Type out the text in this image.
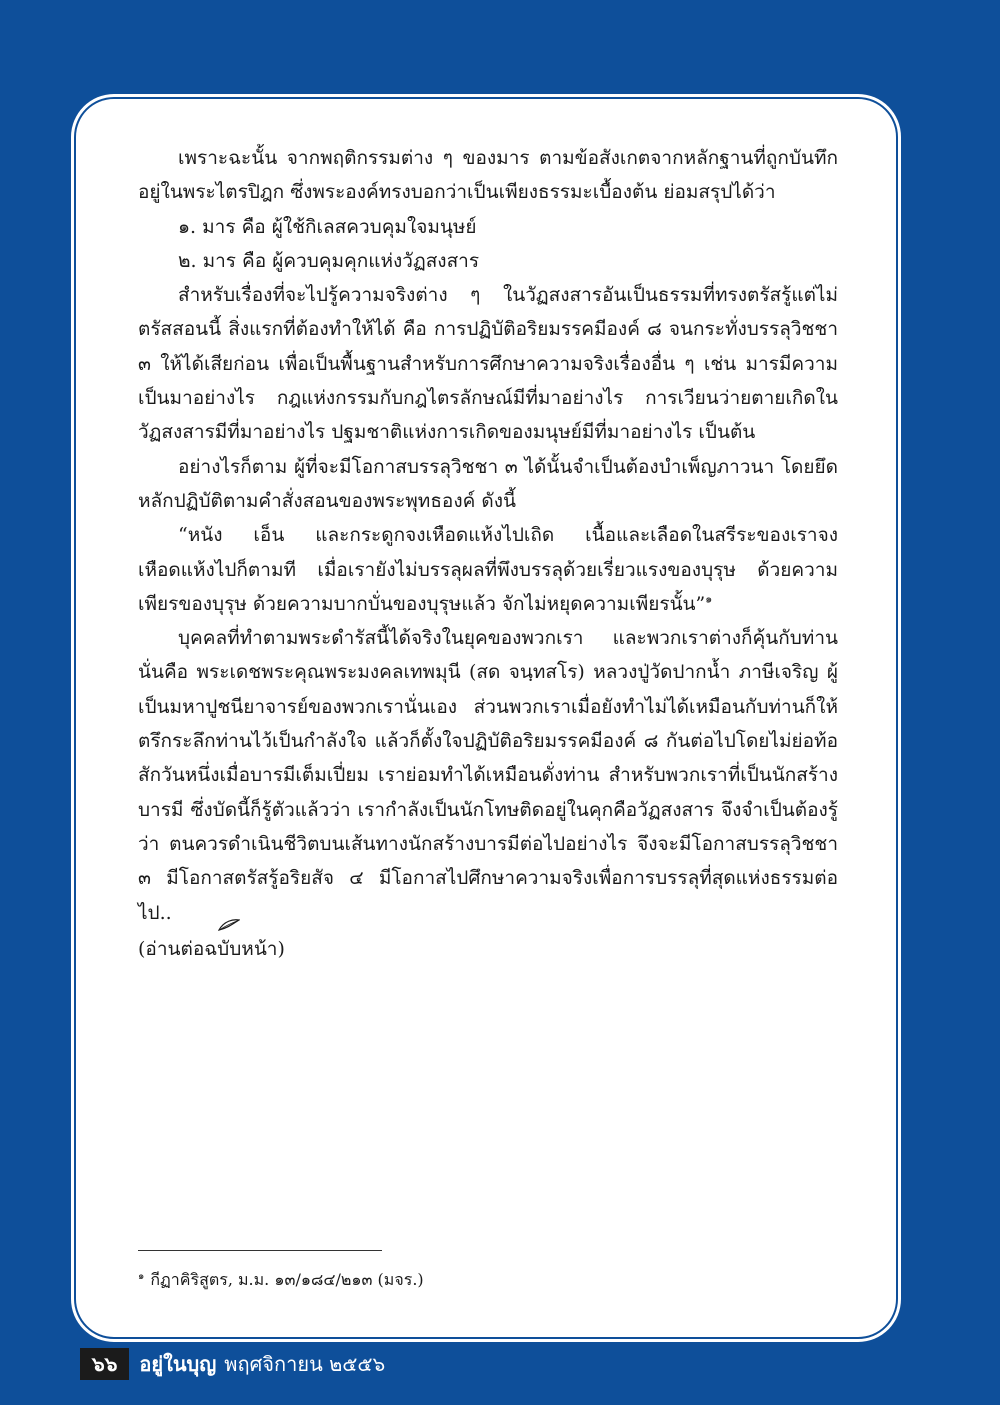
เพราะฉะนั้น จากพฤติกรรมต่าง ๆ ของมาร ตามข้อสังเกตจากหลักฐานที่ถูกบันทึกอยู่ในพระไตรปิฎก ซึ่งพระองค์ทรงบอกว่าเป็นเพียงธรรมะเบื้องต้น ย่อมสรุปได้ว่า

๑. มาร คือ ผู้ใช้กิเลสควบคุมใจมนุษย์

๒. มาร คือ ผู้ควบคุมคุกแห่งวัฏสงสาร

สำหรับเรื่องที่จะไปรู้ความจริงต่าง ๆ ในวัฏสงสารอันเป็นธรรมที่ทรงตรัสรู้แต่ไม่ตรัสสอนนี้ สิ่งแรกที่ต้องทำให้ได้ คือ การปฏิบัติอริยมรรคมีองค์ ๘ จนกระทั่งบรรลุวิชชา ๓ ให้ได้เสียก่อน เพื่อเป็นพื้นฐานสำหรับการศึกษาความจริงเรื่องอื่น ๆ เช่น มารมีความเป็นมาอย่างไร กฎแห่งกรรมกับกฎไตรลักษณ์มีที่มาอย่างไร การเวียนว่ายตายเกิดในวัฏสงสารมีที่มาอย่างไร ปฐมชาติแห่งการเกิดของมนุษย์มีที่มาอย่างไร เป็นต้น

อย่างไรก็ตาม ผู้ที่จะมีโอกาสบรรลุวิชชา ๓ ได้นั้นจำเป็นต้องบำเพ็ญภาวนา โดยยึดหลักปฏิบัติตามคำสั่งสอนของพระพุทธองค์ ดังนี้

“หนัง เอ็น และกระดูกจงเหือดแห้งไปเถิด เนื้อและเลือดในสรีระของเราจงเหือดแห้งไปก็ตามที เมื่อเรายังไม่บรรลุผลที่พึงบรรลุด้วยเรี่ยวแรงของบุรุษ ด้วยความเพียรของบุรุษ ด้วยความบากบั่นของบุรุษแล้ว จักไม่หยุดความเพียรนั้น”$^๑$

บุคคลที่ทำตามพระดำรัสนี้ได้จริงในยุคของพวกเรา และพวกเราต่างก็คุ้นกับท่านนั่นคือ พระเดชพระคุณพระมงคลเทพมุนี (สด จนฺทสโร) หลวงปู่วัดปากน้ำ ภาษีเจริญ ผู้เป็นมหาปูชนียาจารย์ของพวกเรานั่นเอง ส่วนพวกเราเมื่อยังทำไม่ได้เหมือนกับท่านก็ให้ตรึกระลึกท่านไว้เป็นกำลังใจ แล้วก็ตั้งใจปฏิบัติอริยมรรคมีองค์ ๘ กันต่อไปโดยไม่ย่อท้อ สักวันหนึ่งเมื่อบารมีเต็มเปี่ยม เราย่อมทำได้เหมือนดั่งท่าน สำหรับพวกเราที่เป็นนักสร้างบารมี ซึ่งบัดนี้ก็รู้ตัวแล้วว่า เรากำลังเป็นนักโทษติดอยู่ในคุกคือวัฏสงสาร จึงจำเป็นต้องรู้ว่า ตนควรดำเนินชีวิตบนเส้นทางนักสร้างบารมีต่อไปอย่างไร จึงจะมีโอกาสบรรลุวิชชา ๓ มีโอกาสตรัสรู้อริยสัจ ๔ มีโอกาสไปศึกษาความจริงเพื่อการบรรลุที่สุดแห่งธรรมต่อไป..

(อ่านต่อฉบับหน้า)

$^๑$ กีฏาคิริสูตร, ม.ม. ๑๓/๑๘๔/๒๑๓ (มจร.)
๖๖	อยู่ในบุญ พฤศจิกายน ๒๕๕๖
